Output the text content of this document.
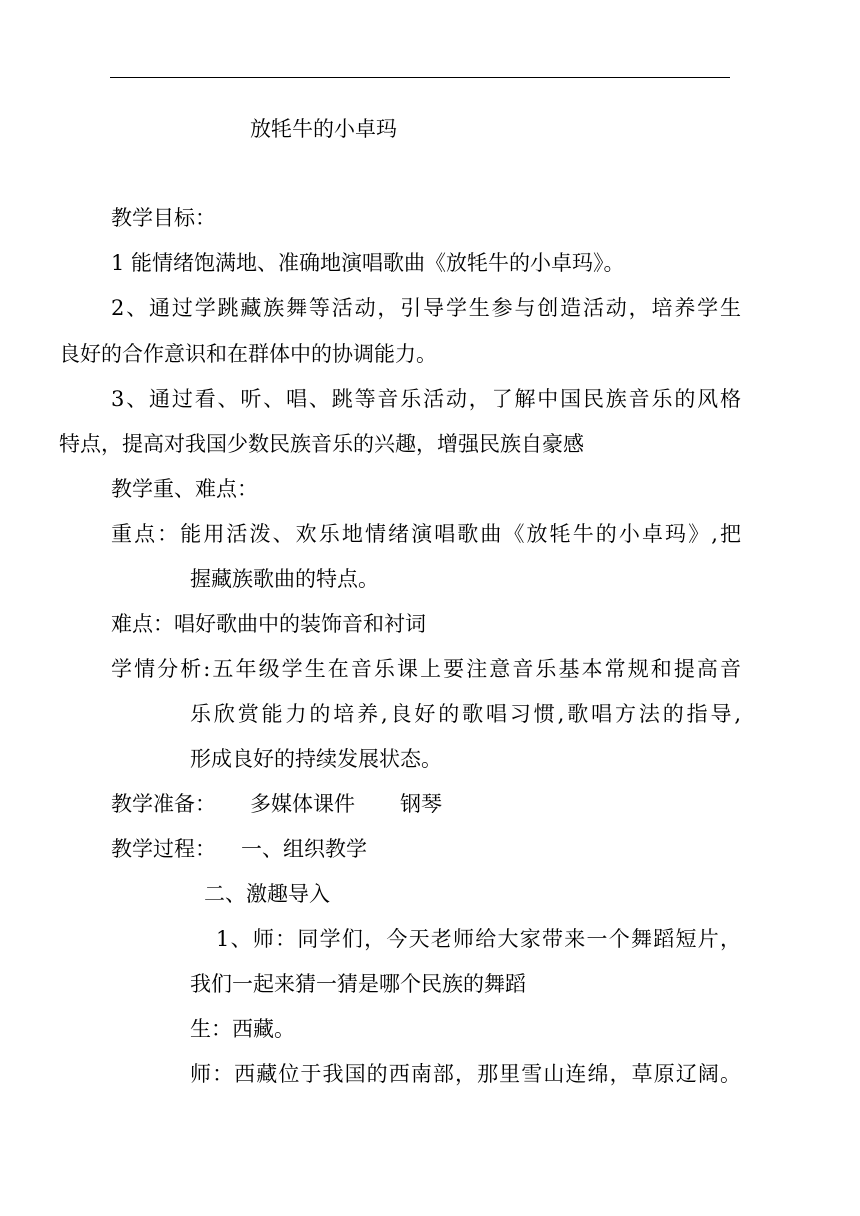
放牦牛的小卓玛
教学目标：
1 能情绪饱满地、准确地演唱歌曲《放牦牛的小卓玛》。
2、通过学跳藏族舞等活动，引导学生参与创造活动，培养学生
良好的合作意识和在群体中的协调能力。
3、通过看、听、唱、跳等音乐活动，了解中国民族音乐的风格
特点，提高对我国少数民族音乐的兴趣，增强民族自豪感
教学重、难点：
重点：能用活泼、欢乐地情绪演唱歌曲《放牦牛的小卓玛》,把
握藏族歌曲的特点。
难点：唱好歌曲中的装饰音和衬词
学情分析:五年级学生在音乐课上要注意音乐基本常规和提高音
乐欣赏能力的培养,良好的歌唱习惯,歌唱方法的指导,
形成良好的持续发展状态。
教学准备： 多媒体课件 钢琴
教学过程： 一、组织教学
二、激趣导入
1、师：同学们，今天老师给大家带来一个舞蹈短片，
我们一起来猜一猜是哪个民族的舞蹈
生：西藏。
师：西藏位于我国的西南部，那里雪山连绵，草原辽阔。
